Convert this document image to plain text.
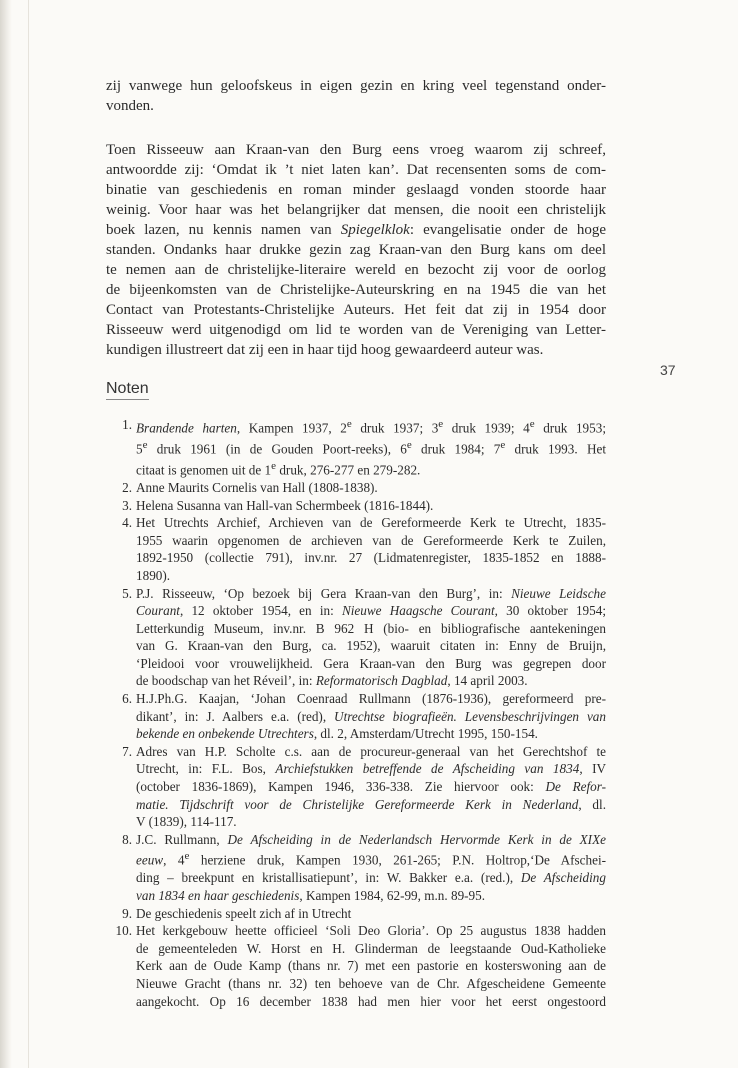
zij vanwege hun geloofskeus in eigen gezin en kring veel tegenstand onder-
vonden.

Toen Risseeuw aan Kraan-van den Burg eens vroeg waarom zij schreef,
antwoordde zij: ‘Omdat ik ’t niet laten kan’. Dat recensenten soms de com-
binatie van geschiedenis en roman minder geslaagd vonden stoorde haar
weinig. Voor haar was het belangrijker dat mensen, die nooit een christelijk
boek lazen, nu kennis namen van Spiegelklok: evangelisatie onder de hoge
standen. Ondanks haar drukke gezin zag Kraan-van den Burg kans om deel
te nemen aan de christelijke-literaire wereld en bezocht zij voor de oorlog
de bijeenkomsten van de Christelijke-Auteurskring en na 1945 die van het
Contact van Protestants-Christelijke Auteurs. Het feit dat zij in 1954 door
Risseeuw werd uitgenodigd om lid te worden van de Vereniging van Letter-
kundigen illustreert dat zij een in haar tijd hoog gewaardeerd auteur was.

37
Noten
1. Brandende harten, Kampen 1937, 2e druk 1937; 3e druk 1939; 4e druk 1953;
5e druk 1961 (in de Gouden Poort-reeks), 6e druk 1984; 7e druk 1993. Het
citaat is genomen uit de 1e druk, 276-277 en 279-282.
2. Anne Maurits Cornelis van Hall (1808-1838).
3. Helena Susanna van Hall-van Schermbeek (1816-1844).
4. Het Utrechts Archief, Archieven van de Gereformeerde Kerk te Utrecht, 1835-
1955 waarin opgenomen de archieven van de Gereformeerde Kerk te Zuilen,
1892-1950 (collectie 791), inv.nr. 27 (Lidmatenregister, 1835-1852 en 1888-
1890).
5. P.J. Risseeuw, ‘Op bezoek bij Gera Kraan-van den Burg’, in: Nieuwe Leidsche
Courant, 12 oktober 1954, en in: Nieuwe Haagsche Courant, 30 oktober 1954;
Letterkundig Museum, inv.nr. B 962 H (bio- en bibliografische aantekeningen
van G. Kraan-van den Burg, ca. 1952), waaruit citaten in: Enny de Bruijn,
‘Pleidooi voor vrouwelijkheid. Gera Kraan-van den Burg was gegrepen door
de boodschap van het Réveil’, in: Reformatorisch Dagblad, 14 april 2003.
6. H.J.Ph.G. Kaajan, ‘Johan Coenraad Rullmann (1876-1936), gereformeerd pre-
dikant’, in: J. Aalbers e.a. (red), Utrechtse biografieën. Levensbeschrijvingen van
bekende en onbekende Utrechters, dl. 2, Amsterdam/Utrecht 1995, 150-154.
7. Adres van H.P. Scholte c.s. aan de procureur-generaal van het Gerechtshof te
Utrecht, in: F.L. Bos, Archiefstukken betreffende de Afscheiding van 1834, IV
(october 1836-1869), Kampen 1946, 336-338. Zie hiervoor ook: De Refor-
matie. Tijdschrift voor de Christelijke Gereformeerde Kerk in Nederland, dl.
V (1839), 114-117.
8. J.C. Rullmann, De Afscheiding in de Nederlandsch Hervormde Kerk in de XIXe
eeuw, 4e herziene druk, Kampen 1930, 261-265; P.N. Holtrop,‘De Afschei-
ding – breekpunt en kristallisatiepunt’, in: W. Bakker e.a. (red.), De Afscheiding
van 1834 en haar geschiedenis, Kampen 1984, 62-99, m.n. 89-95.
9. De geschiedenis speelt zich af in Utrecht
10. Het kerkgebouw heette officieel ‘Soli Deo Gloria’. Op 25 augustus 1838 hadden
de gemeenteleden W. Horst en H. Glinderman de leegstaande Oud-Katholieke
Kerk aan de Oude Kamp (thans nr. 7) met een pastorie en kosterswoning aan de
Nieuwe Gracht (thans nr. 32) ten behoeve van de Chr. Afgescheidene Gemeente
aangekocht. Op 16 december 1838 had men hier voor het eerst ongestoord
